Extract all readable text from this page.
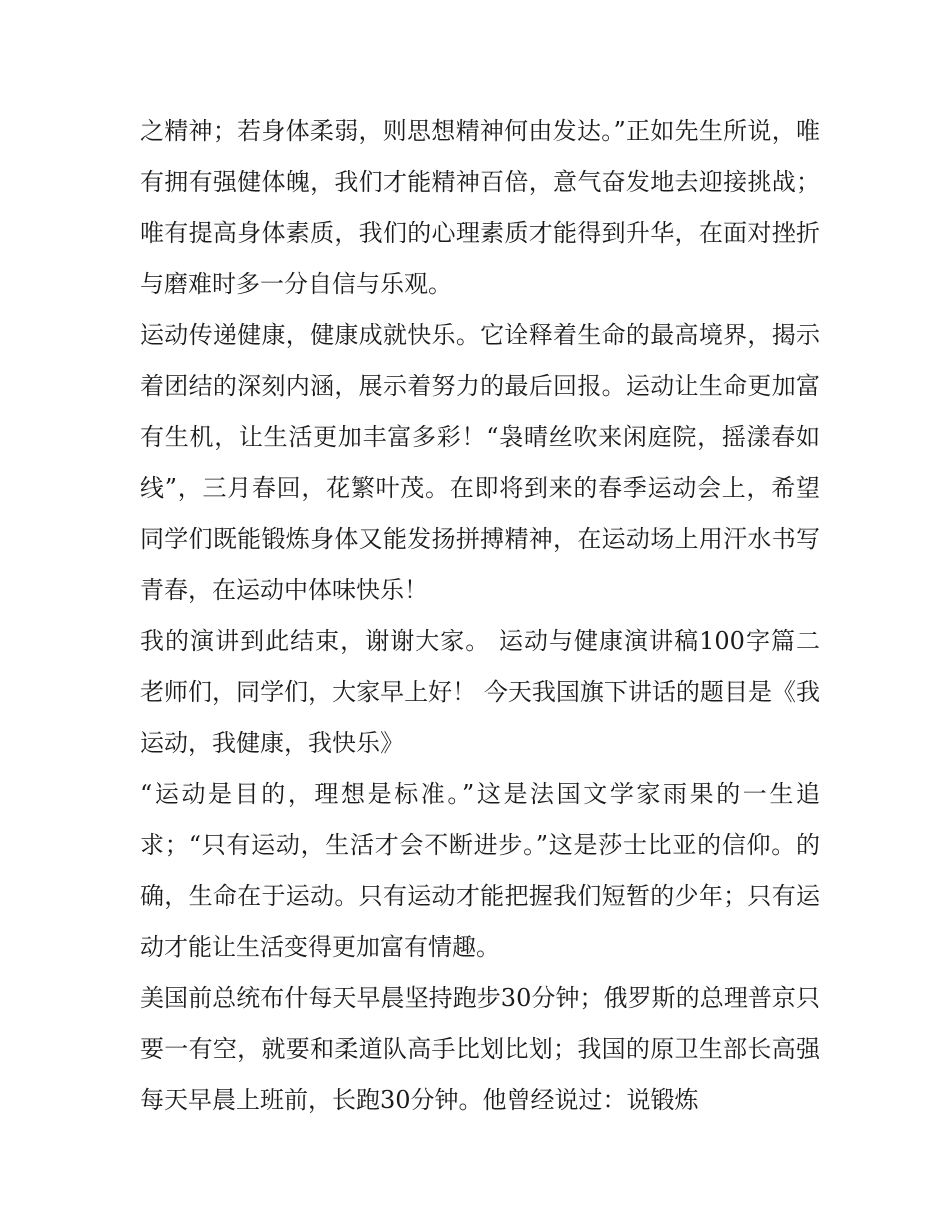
之精神；若身体柔弱，则思想精神何由发达。”正如先生所说，唯有拥有强健体魄，我们才能精神百倍，意气奋发地去迎接挑战；唯有提高身体素质，我们的心理素质才能得到升华，在面对挫折与磨难时多一分自信与乐观。

运动传递健康，健康成就快乐。它诠释着生命的最高境界，揭示着团结的深刻内涵，展示着努力的最后回报。运动让生命更加富有生机，让生活更加丰富多彩！“袅晴丝吹来闲庭院，摇漾春如线”，三月春回，花繁叶茂。在即将到来的春季运动会上，希望同学们既能锻炼身体又能发扬拼搏精神，在运动场上用汗水书写青春，在运动中体味快乐！

我的演讲到此结束，谢谢大家。 运动与健康演讲稿100字篇二 老师们，同学们，大家早上好！ 今天我国旗下讲话的题目是《我运动，我健康，我快乐》

“运动是目的，理想是标准。”这是法国文学家雨果的一生追求；“只有运动，生活才会不断进步。”这是莎士比亚的信仰。的确，生命在于运动。只有运动才能把握我们短暂的少年；只有运动才能让生活变得更加富有情趣。

美国前总统布什每天早晨坚持跑步30分钟；俄罗斯的总理普京只要一有空，就要和柔道队高手比划比划；我国的原卫生部长高强每天早晨上班前，长跑30分钟。他曾经说过：说锻炼
